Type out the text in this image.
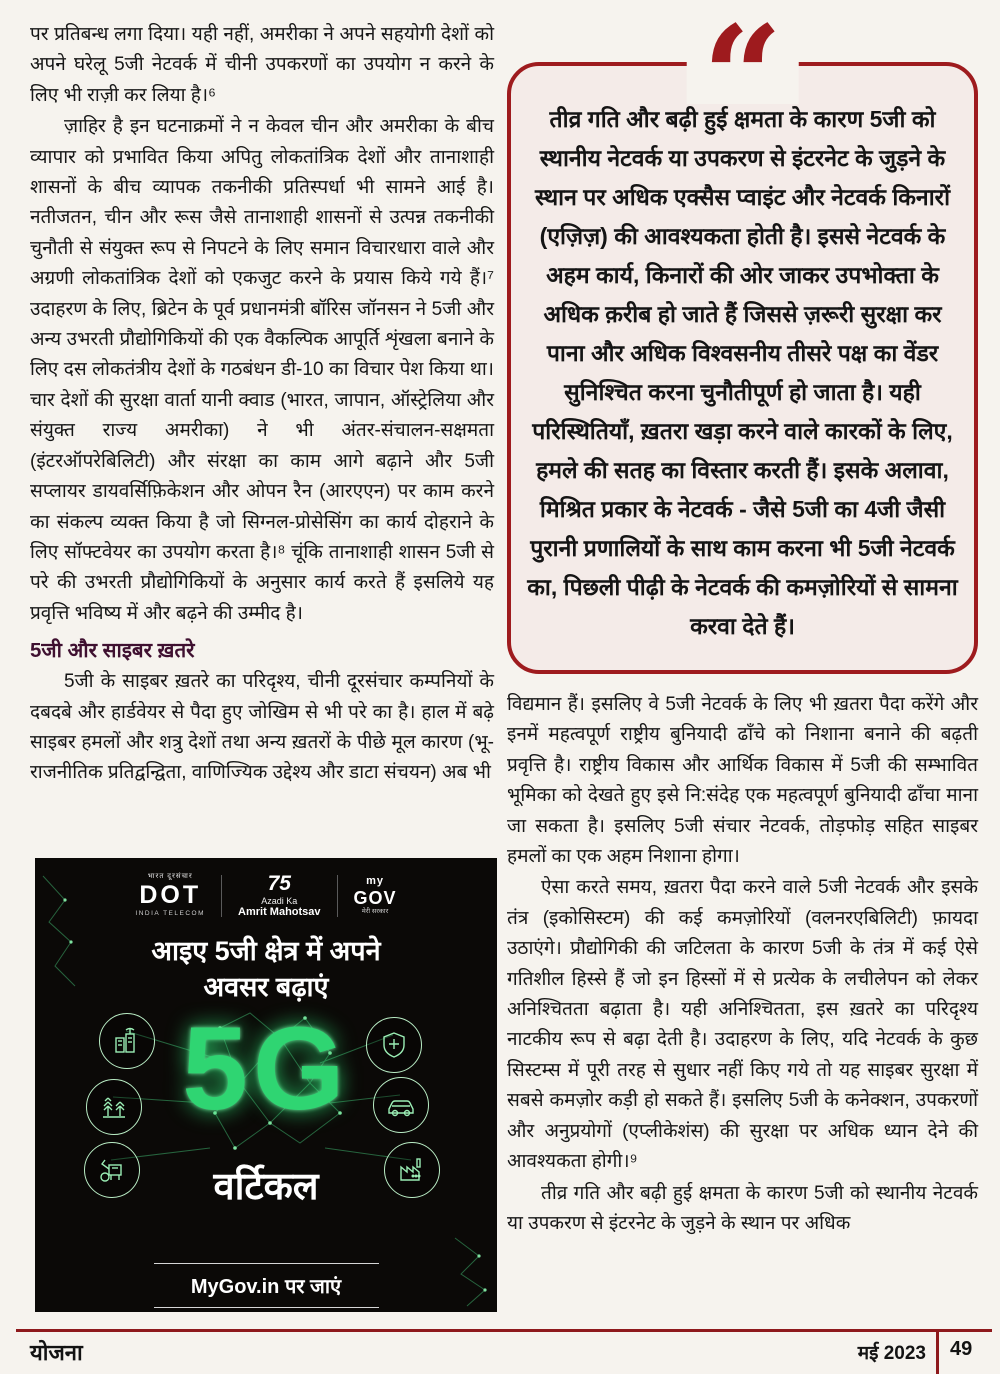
पर प्रतिबन्ध लगा दिया। यही नहीं, अमरीका ने अपने सहयोगी देशों को अपने घरेलू 5जी नेटवर्क में चीनी उपकरणों का उपयोग न करने के लिए भी राज़ी कर लिया है।⁶

ज़ाहिर है इन घटनाक्रमों ने न केवल चीन और अमरीका के बीच व्यापार को प्रभावित किया अपितु लोकतांत्रिक देशों और तानाशाही शासनों के बीच व्यापक तकनीकी प्रतिस्पर्धा भी सामने आई है। नतीजतन, चीन और रूस जैसे तानाशाही शासनों से उत्पन्न तकनीकी चुनौती से संयुक्त रूप से निपटने के लिए समान विचारधारा वाले और अग्रणी लोकतांत्रिक देशों को एकजुट करने के प्रयास किये गये हैं।⁷ उदाहरण के लिए, ब्रिटेन के पूर्व प्रधानमंत्री बॉरिस जॉनसन ने 5जी और अन्य उभरती प्रौद्योगिकियों की एक वैकल्पिक आपूर्ति शृंखला बनाने के लिए दस लोकतंत्रीय देशों के गठबंधन डी-10 का विचार पेश किया था। चार देशों की सुरक्षा वार्ता यानी क्वाड (भारत, जापान, ऑस्ट्रेलिया और संयुक्त राज्य अमरीका) ने भी अंतर-संचालन-सक्षमता (इंटरऑपरेबिलिटी) और संरक्षा का काम आगे बढ़ाने और 5जी सप्लायर डायवर्सिफ़िकेशन और ओपन रैन (आरएएन) पर काम करने का संकल्प व्यक्त किया है जो सिग्नल-प्रोसेसिंग का कार्य दोहराने के लिए सॉफ्टवेयर का उपयोग करता है।⁸ चूंकि तानाशाही शासन 5जी से परे की उभरती प्रौद्योगिकियों के अनुसार कार्य करते हैं इसलिये यह प्रवृत्ति भविष्य में और बढ़ने की उम्मीद है।

5जी और साइबर ख़तरे

5जी के साइबर ख़तरे का परिदृश्य, चीनी दूरसंचार कम्पनियों के दबदबे और हार्डवेयर से पैदा हुए जोखिम से भी परे का है। हाल में बढ़े साइबर हमलों और शत्रु देशों तथा अन्य ख़तरों के पीछे मूल कारण (भू-राजनीतिक प्रतिद्वन्द्विता, वाणिज्यिक उद्देश्य और डाटा संचयन) अब भी

“
तीव्र गति और बढ़ी हुई क्षमता के कारण 5जी को स्थानीय नेटवर्क या उपकरण से इंटरनेट के जुड़ने के स्थान पर अधिक एक्सैस प्वाइंट और नेटवर्क किनारों (एज़िज़) की आवश्यकता होती है। इससे नेटवर्क के अहम कार्य, किनारों की ओर जाकर उपभोक्ता के अधिक क़रीब हो जाते हैं जिससे ज़रूरी सुरक्षा कर पाना और अधिक विश्वसनीय तीसरे पक्ष का वेंडर सुनिश्चित करना चुनौतीपूर्ण हो जाता है। यही परिस्थितियाँ, ख़तरा खड़ा करने वाले कारकों के लिए, हमले की सतह का विस्तार करती हैं। इसके अलावा, मिश्रित प्रकार के नेटवर्क - जैसे 5जी का 4जी जैसी पुरानी प्रणालियों के साथ काम करना भी 5जी नेटवर्क का, पिछली पीढ़ी के नेटवर्क की कमज़ोरियों से सामना करवा देते हैं।

विद्यमान हैं। इसलिए वे 5जी नेटवर्क के लिए भी ख़तरा पैदा करेंगे और इनमें महत्वपूर्ण राष्ट्रीय बुनियादी ढाँचे को निशाना बनाने की बढ़ती प्रवृत्ति है। राष्ट्रीय विकास और आर्थिक विकास में 5जी की सम्भावित भूमिका को देखते हुए इसे नि:संदेह एक महत्वपूर्ण बुनियादी ढाँचा माना जा सकता है। इसलिए 5जी संचार नेटवर्क, तोड़फोड़ सहित साइबर हमलों का एक अहम निशाना होगा।

ऐसा करते समय, ख़तरा पैदा करने वाले 5जी नेटवर्क और इसके तंत्र (इकोसिस्टम) की कई कमज़ोरियों (वलनरएबिलिटी) फ़ायदा उठाएंगे। प्रौद्योगिकी की जटिलता के कारण 5जी के तंत्र में कई ऐसे गतिशील हिस्से हैं जो इन हिस्सों में से प्रत्येक के लचीलेपन को लेकर अनिश्चितता बढ़ाता है। यही अनिश्चितता, इस ख़तरे का परिदृश्य नाटकीय रूप से बढ़ा देती है। उदाहरण के लिए, यदि नेटवर्क के कुछ सिस्टम्स में पूरी तरह से सुधार नहीं किए गये तो यह साइबर सुरक्षा में सबसे कमज़ोर कड़ी हो सकते हैं। इसलिए 5जी के कनेक्शन, उपकरणों और अनुप्रयोगों (एप्लीकेशंस) की सुरक्षा पर अधिक ध्यान देने की आवश्यकता होगी।⁹

तीव्र गति और बढ़ी हुई क्षमता के कारण 5जी को स्थानीय नेटवर्क या उपकरण से इंटरनेट के जुड़ने के स्थान पर अधिक

भारत दूरसंचार
DOT
INDIA TELECOM
75
Azadi Ka
Amrit Mahotsav
my
GOV
मेरी सरकार
आइए 5जी क्षेत्र में अपने
अवसर बढ़ाएं
5G
वर्टिकल
MyGov.in पर जाएं
योजना	मई 2023 49
